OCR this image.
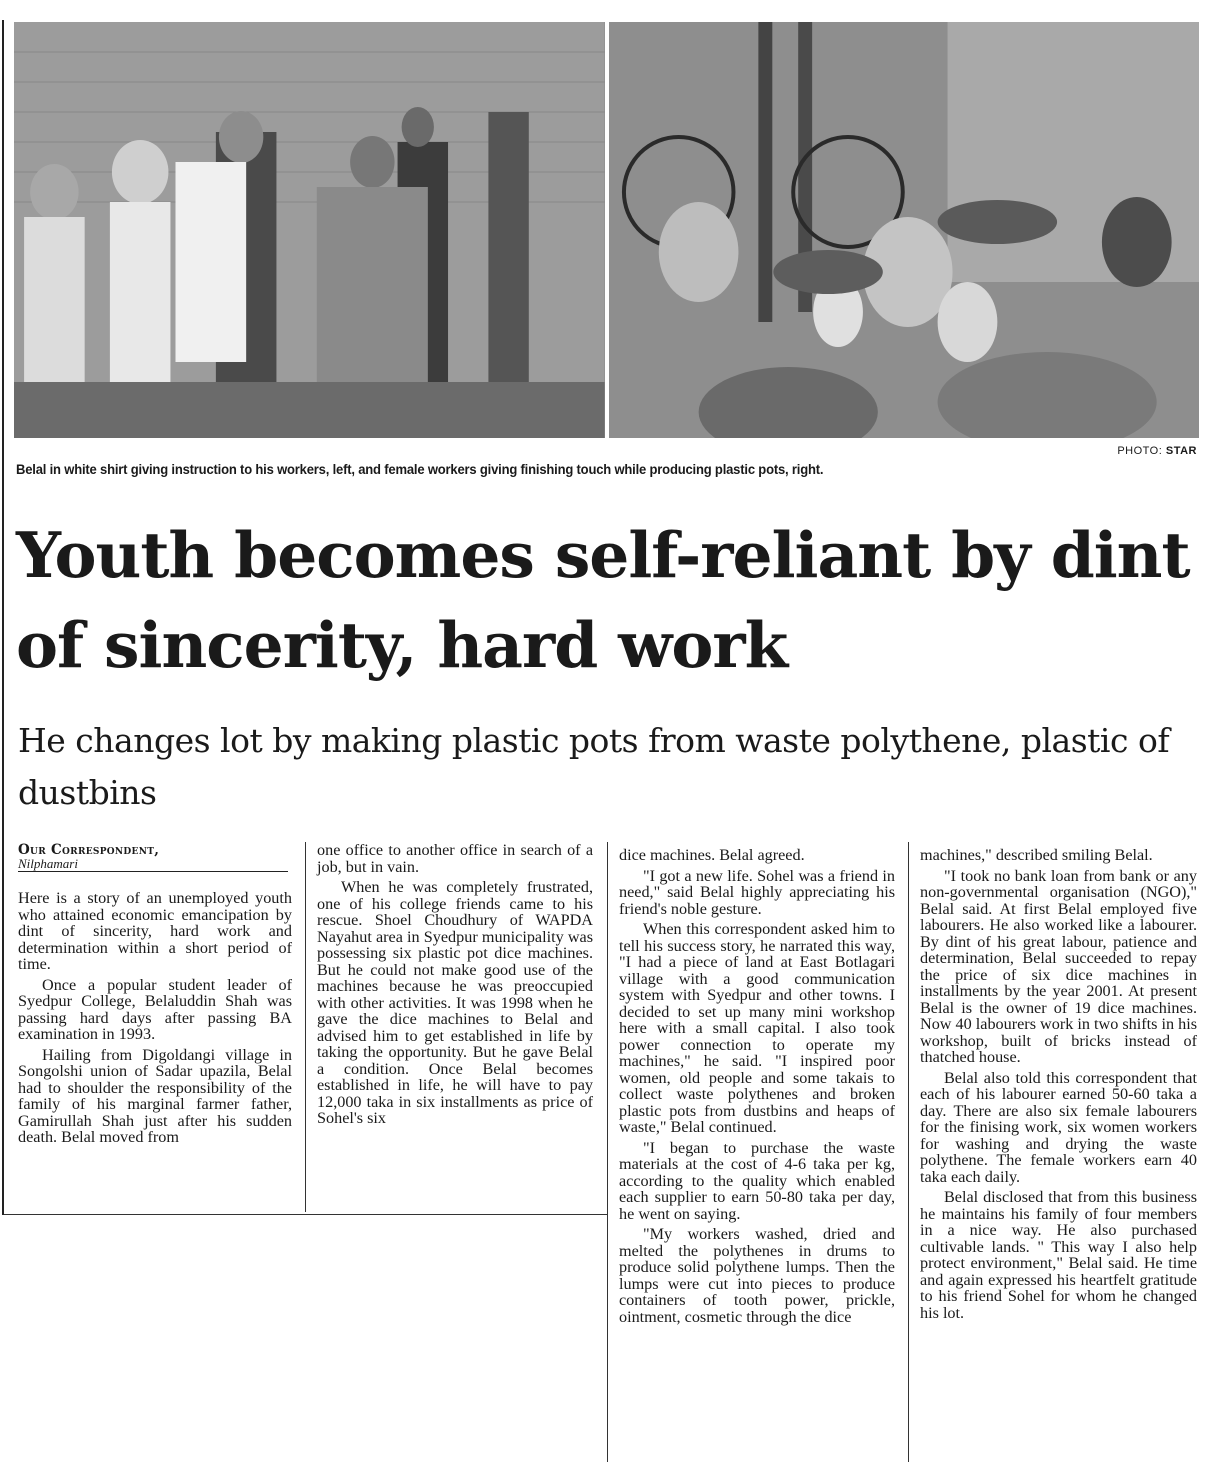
PHOTO: STAR
Belal in white shirt giving instruction to his workers, left, and female workers giving finishing touch while producing plastic pots, right.
Youth becomes self-reliant by dint of sincerity, hard work
He changes lot by making plastic pots from waste polythene, plastic of dustbins
Our Correspondent,
Nilphamari

Here is a story of an unemployed youth who attained economic emancipation by dint of sincerity, hard work and determination within a short period of time.

Once a popular student leader of Syedpur College, Belaluddin Shah was passing hard days after passing BA examination in 1993.

Hailing from Digoldangi village in Songolshi union of Sadar upazila, Belal had to shoulder the responsibility of the family of his marginal farmer father, Gamirullah Shah just after his sudden death. Belal moved from

one office to another office in search of a job, but in vain.

When he was completely frustrated, one of his college friends came to his rescue. Shoel Choudhury of WAPDA Nayahut area in Syedpur municipality was possessing six plastic pot dice machines. But he could not make good use of the machines because he was preoccupied with other activities. It was 1998 when he gave the dice machines to Belal and advised him to get established in life by taking the opportunity. But he gave Belal a condition. Once Belal becomes established in life, he will have to pay 12,000 taka in six installments as price of Sohel's six

dice machines. Belal agreed.

"I got a new life. Sohel was a friend in need," said Belal highly appreciating his friend's noble gesture.

When this correspondent asked him to tell his success story, he narrated this way, "I had a piece of land at East Botlagari village with a good communication system with Syedpur and other towns. I decided to set up many mini workshop here with a small capital. I also took power connection to operate my machines," he said. "I inspired poor women, old people and some takais to collect waste polythenes and broken plastic pots from dustbins and heaps of waste," Belal continued.

"I began to purchase the waste materials at the cost of 4-6 taka per kg, according to the quality which enabled each supplier to earn 50-80 taka per day, he went on saying.

"My workers washed, dried and melted the polythenes in drums to produce solid polythene lumps. Then the lumps were cut into pieces to produce containers of tooth power, prickle, ointment, cosmetic through the dice

machines," described smiling Belal.

"I took no bank loan from bank or any non-governmental organisation (NGO)," Belal said. At first Belal employed five labourers. He also worked like a labourer. By dint of his great labour, patience and determination, Belal succeeded to repay the price of six dice machines in installments by the year 2001. At present Belal is the owner of 19 dice machines. Now 40 labourers work in two shifts in his workshop, built of bricks instead of thatched house.

Belal also told this correspondent that each of his labourer earned 50-60 taka a day. There are also six female labourers for the finising work, six women workers for washing and drying the waste polythene. The female workers earn 40 taka each daily.

Belal disclosed that from this business he maintains his family of four members in a nice way. He also purchased cultivable lands. " This way I also help protect environment," Belal said. He time and again expressed his heartfelt gratitude to his friend Sohel for whom he changed his lot.
